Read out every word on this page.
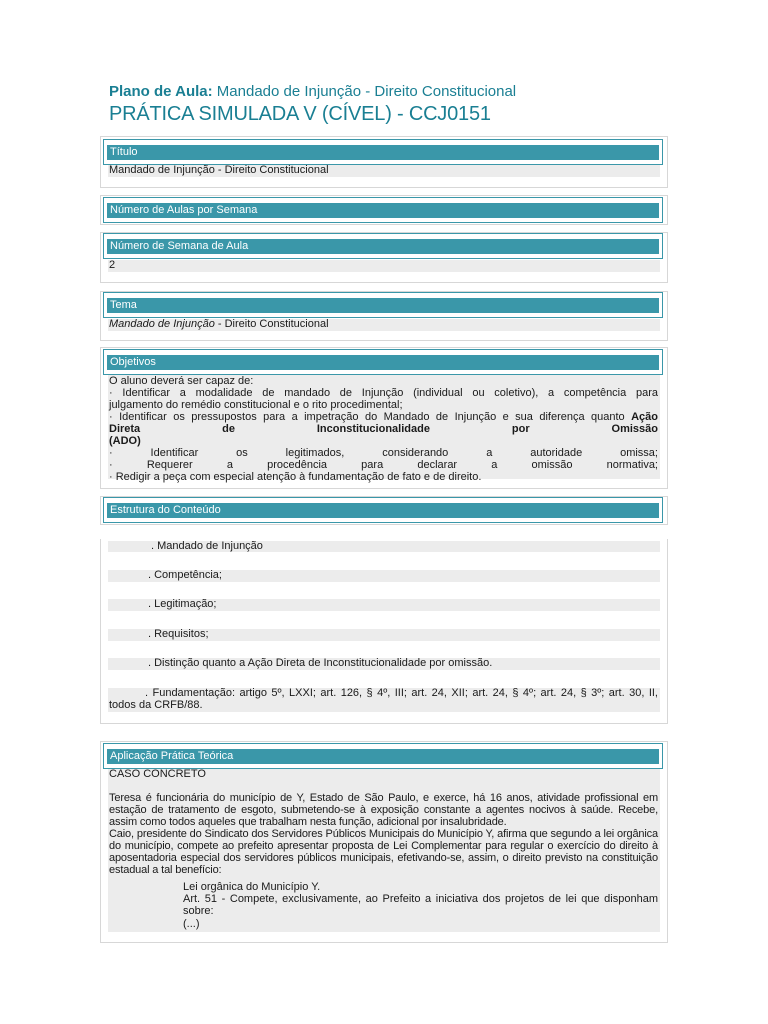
Plano de Aula: Mandado de Injunção - Direito Constitucional
PRÁTICA SIMULADA V (CÍVEL) - CCJ0151
Título
Mandado de Injunção - Direito Constitucional
Número de Aulas por Semana
Número de Semana de Aula
2
Tema
Mandado de Injunção - Direito Constitucional
Objetivos
O aluno deverá ser capaz de:
· Identificar a modalidade de mandado de Injunção (individual ou coletivo), a competência para
julgamento do remédio constitucional e o rito procedimental;
· Identificar os pressupostos para a impetração do Mandado de Injunção e sua diferença quanto Ação
Direta de Inconstitucionalidade por Omissão (ADO)
· Identificar os legitimados, considerando a autoridade omissa;
· Requerer a procedência para declarar a omissão normativa;
· Redigir a peça com especial atenção à fundamentação de fato e de direito.
Estrutura do Conteúdo
. Mandado de Injunção
. Competência;
. Legitimação;
. Requisitos;
. Distinção quanto a Ação Direta de Inconstitucionalidade por omissão.
. Fundamentação: artigo 5º, LXXI; art. 126, § 4º, III; art. 24, XII; art. 24, § 4º; art. 24, § 3º; art. 30, II,
todos da CRFB/88.
Aplicação Prática Teórica
CASO CONCRETO
Teresa é funcionária do município de Y, Estado de São Paulo, e exerce, há 16 anos, atividade profissional em estação de tratamento de esgoto, submetendo-se à exposição constante a agentes nocivos à saúde. Recebe, assim como todos aqueles que trabalham nesta função, adicional por insalubridade.
Caio, presidente do Sindicato dos Servidores Públicos Municipais do Município Y, afirma que segundo a lei orgânica do município, compete ao prefeito apresentar proposta de Lei Complementar para regular o exercício do direito à aposentadoria especial dos servidores públicos municipais, efetivando-se, assim, o direito previsto na constituição estadual a tal benefício:
Lei orgânica do Município Y.
Art. 51 - Compete, exclusivamente, ao Prefeito a iniciativa dos projetos de lei que disponham sobre:
(...)
